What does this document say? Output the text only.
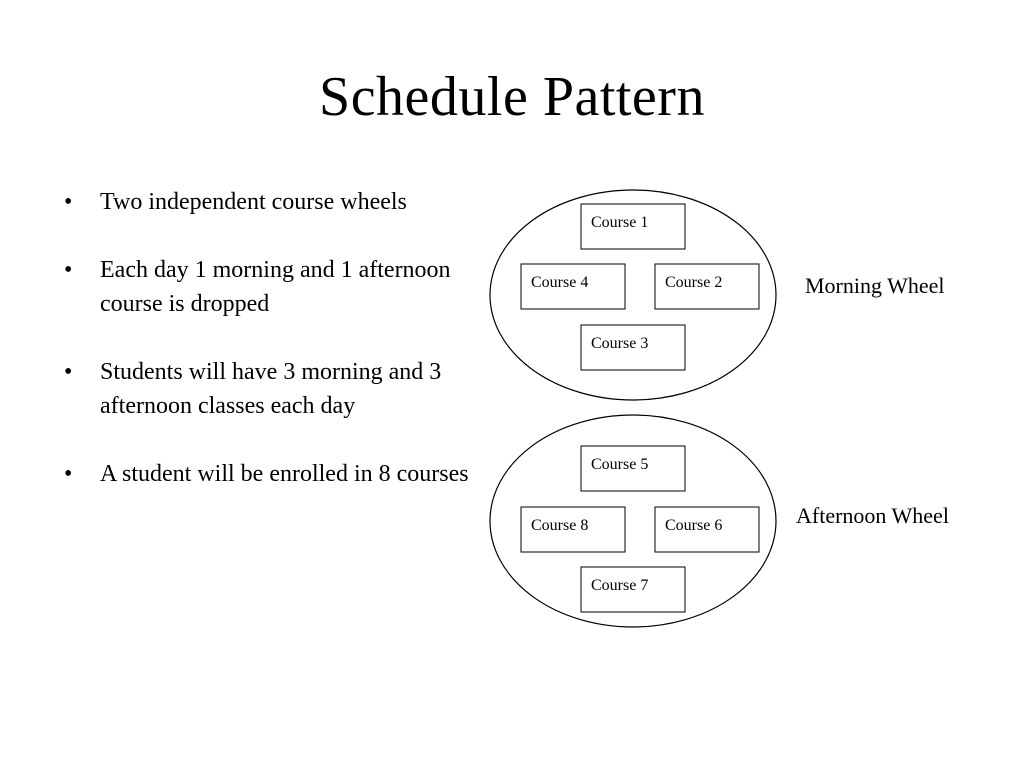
Schedule Pattern
• Two independent course wheels
• Each day 1 morning and 1 afternoon course is dropped
• Students will have 3 morning and 3 afternoon classes each day
• A student will be enrolled in 8 courses
Course 1
Course 2
Course 3
Course 4	Morning Wheel
Course 5
Course 6
Course 7
Course 8	Afternoon Wheel
